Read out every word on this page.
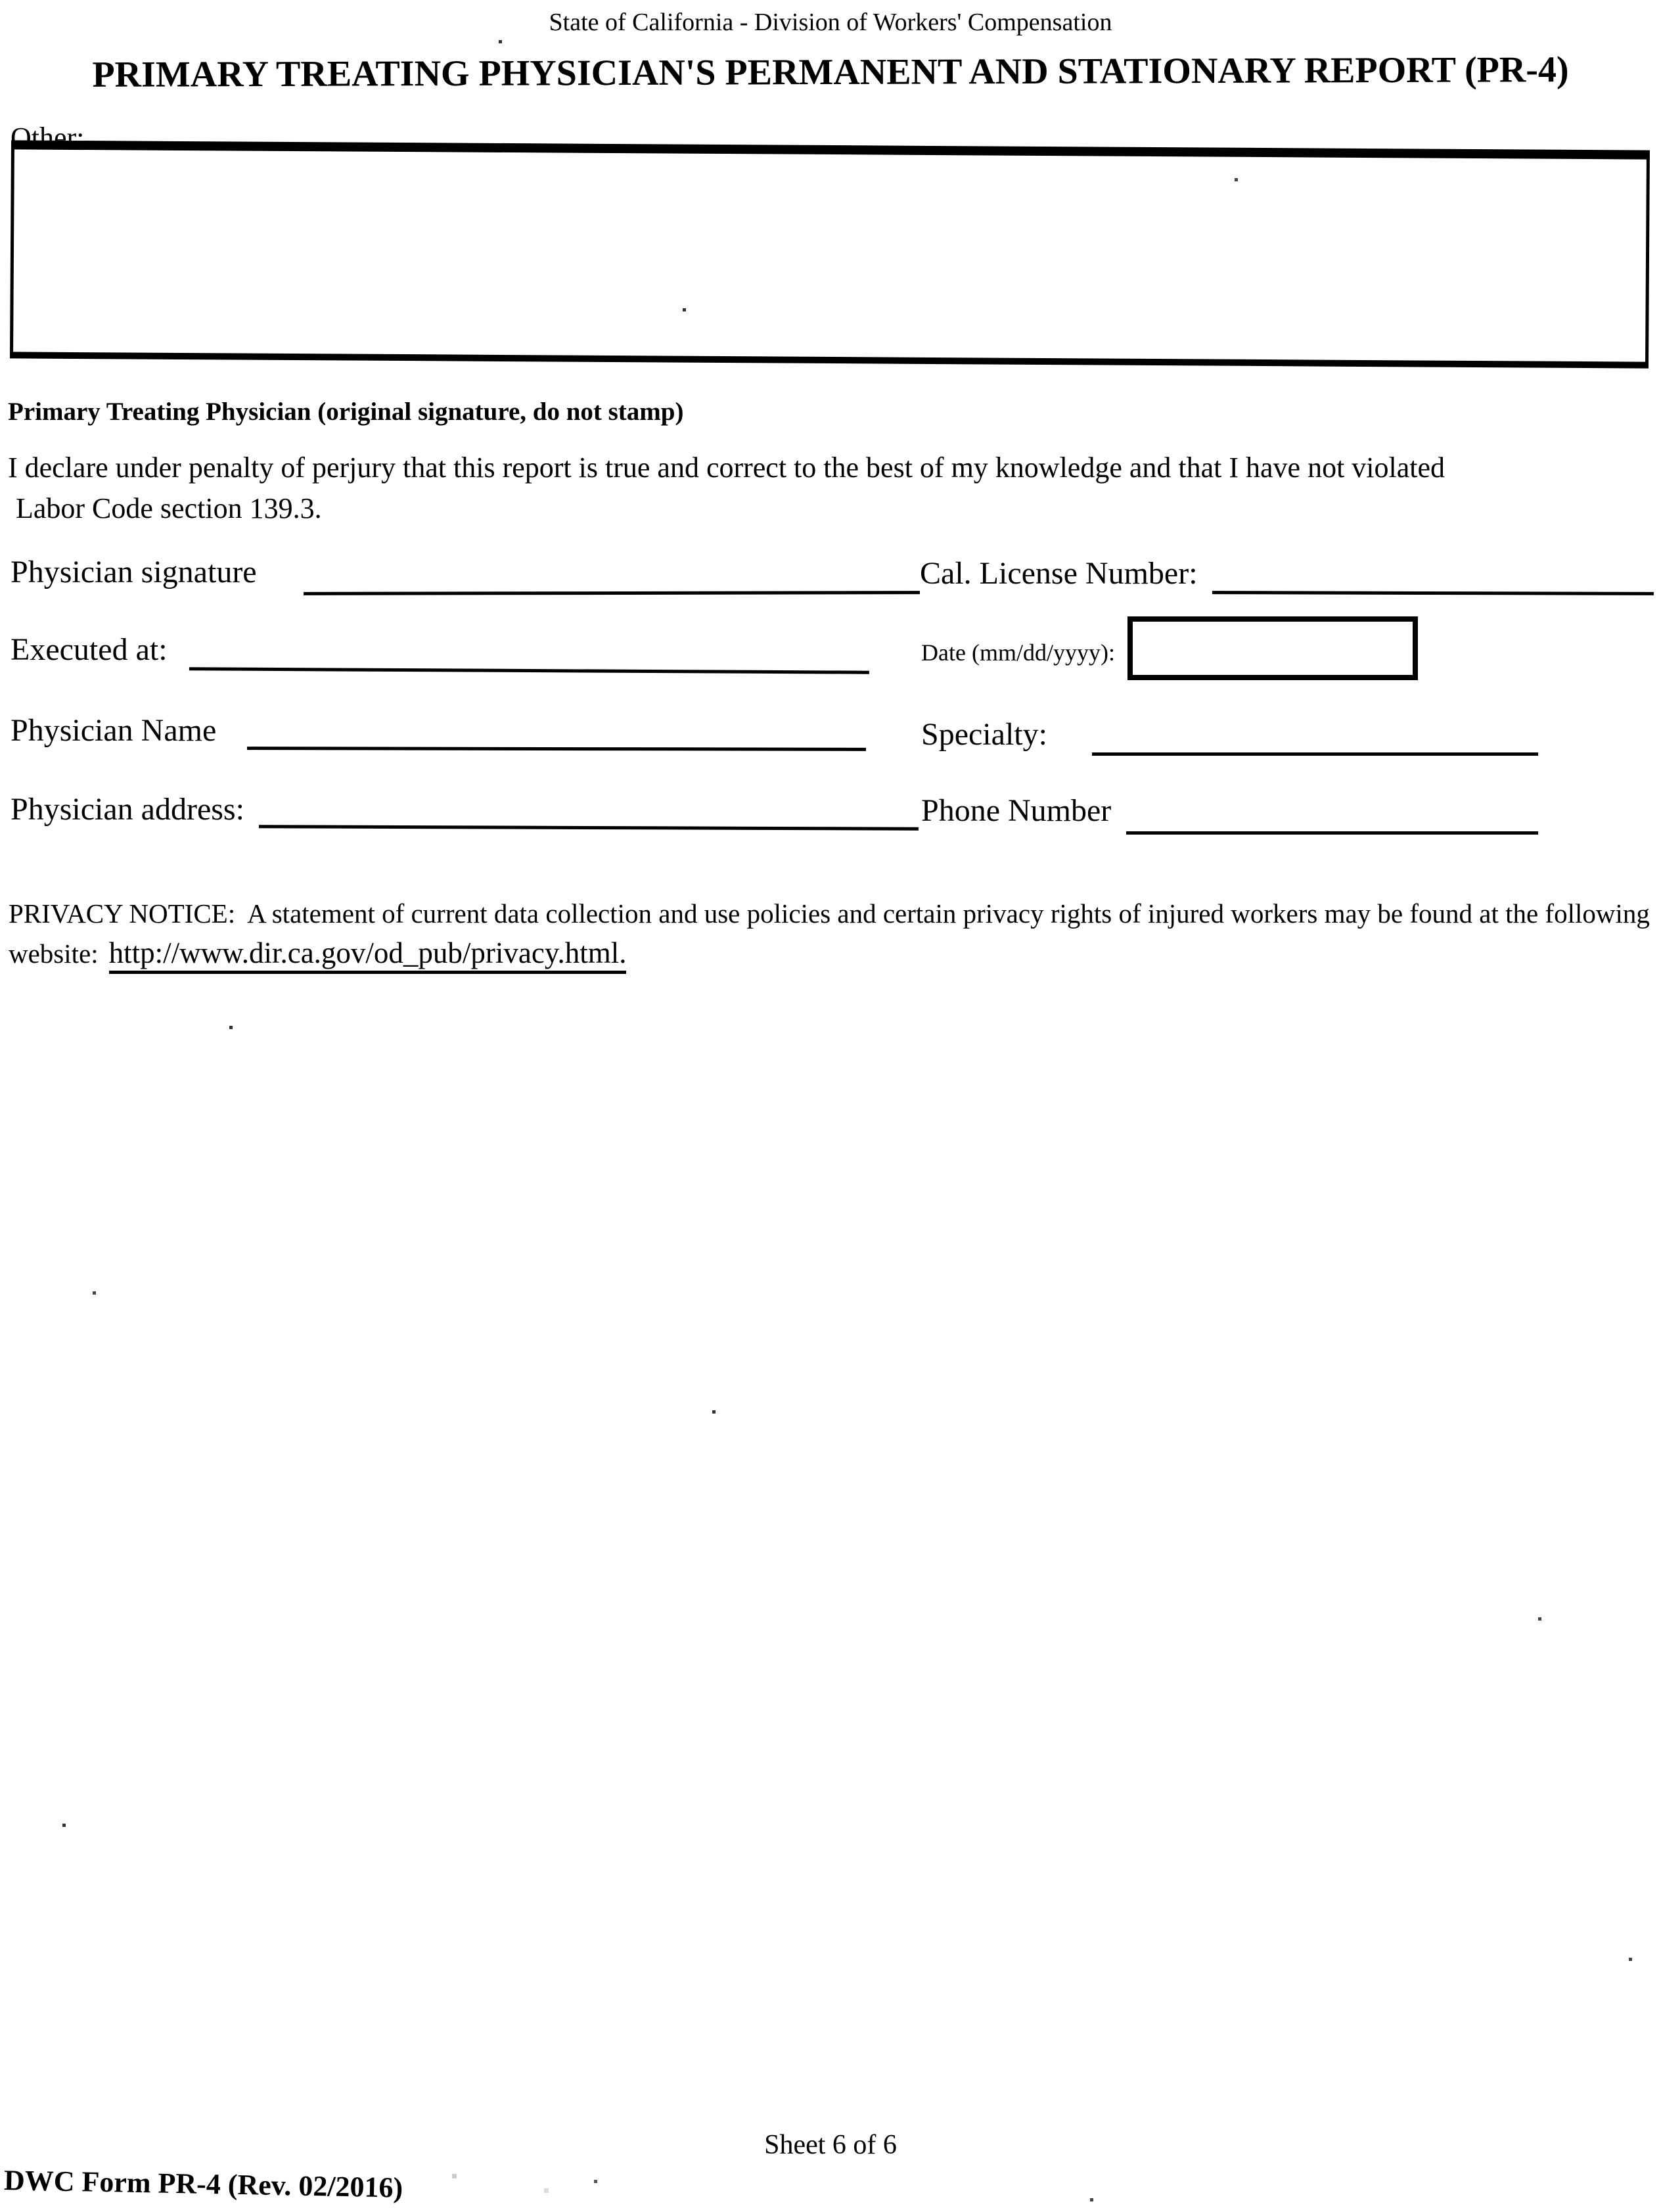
State of California - Division of Workers' Compensation
PRIMARY TREATING PHYSICIAN'S PERMANENT AND STATIONARY REPORT (PR-4)
Other:
Primary Treating Physician (original signature, do not stamp)
I declare under penalty of perjury that this report is true and correct to the best of my knowledge and that I have not violated
Labor Code section 139.3.
Physician signature	Cal. License Number:
Executed at:	Date (mm/dd/yyyy):
Physician Name	Specialty:
Physician address:	Phone Number
PRIVACY NOTICE: A statement of current data collection and use policies and certain privacy rights of injured workers may be found at the following
website: http://www.dir.ca.gov/od_pub/privacy.html.
Sheet 6 of 6
DWC Form PR-4 (Rev. 02/2016)
